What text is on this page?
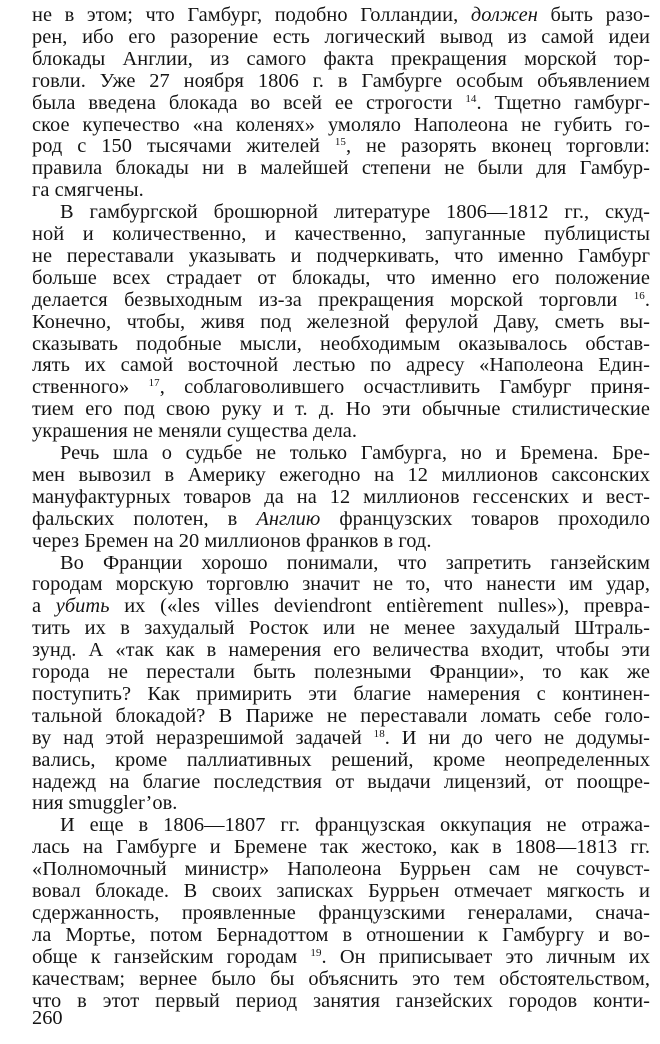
не в этом; что Гамбург, подобно Голландии, должен быть разо-
рен, ибо его разорение есть логический вывод из самой идеи
блокады Англии, из самого факта прекращения морской тор-
говли. Уже 27 ноября 1806 г. в Гамбурге особым объявлением
была введена блокада во всей ее строгости $^{14}$. Тщетно гамбург-
ское купечество «на коленях» умоляло Наполеона не губить го-
род с 150 тысячами жителей $^{15}$, не разорять вконец торговли:
правила блокады ни в малейшей степени не были для Гамбур-
га смягчены.
В гамбургской брошюрной литературе 1806—1812 гг., скуд-
ной и количественно, и качественно, запуганные публицисты
не переставали указывать и подчеркивать, что именно Гамбург
больше всех страдает от блокады, что именно его положение
делается безвыходным из-за прекращения морской торговли $^{16}$.
Конечно, чтобы, живя под железной ферулой Даву, сметь вы-
сказывать подобные мысли, необходимым оказывалось обстав-
лять их самой восточной лестью по адресу «Наполеона Един-
ственного» $^{17}$, соблаговолившего осчастливить Гамбург приня-
тием его под свою руку и т. д. Но эти обычные стилистические
украшения не меняли существа дела.
Речь шла о судьбе не только Гамбурга, но и Бремена. Бре-
мен вывозил в Америку ежегодно на 12 миллионов саксонских
мануфактурных товаров да на 12 миллионов гессенских и вест-
фальских полотен, в Англию французских товаров проходило
через Бремен на 20 миллионов франков в год.
Во Франции хорошо понимали, что запретить ганзейским
городам морскую торговлю значит не то, что нанести им удар,
а убить их («les villes deviendront entièrement nulles»), превра-
тить их в захудалый Росток или не менее захудалый Штраль-
зунд. А «так как в намерения его величества входит, чтобы эти
города не перестали быть полезными Франции», то как же
поступить? Как примирить эти благие намерения с континен-
тальной блокадой? В Париже не переставали ломать себе голо-
ву над этой неразрешимой задачей $^{18}$. И ни до чего не додумы-
вались, кроме паллиативных решений, кроме неопределенных
надежд на благие последствия от выдачи лицензий, от поощре-
ния smuggler’ов.
И еще в 1806—1807 гг. французская оккупация не отража-
лась на Гамбурге и Бремене так жестоко, как в 1808—1813 гг.
«Полномочный министр» Наполеона Буррьен сам не сочувст-
вовал блокаде. В своих записках Буррьен отмечает мягкость и
сдержанность, проявленные французскими генералами, снача-
ла Мортье, потом Бернадоттом в отношении к Гамбургу и во-
обще к ганзейским городам $^{19}$. Он приписывает это личным их
качествам; вернее было бы объяснить это тем обстоятельством,
что в этот первый период занятия ганзейских городов конти-
260
